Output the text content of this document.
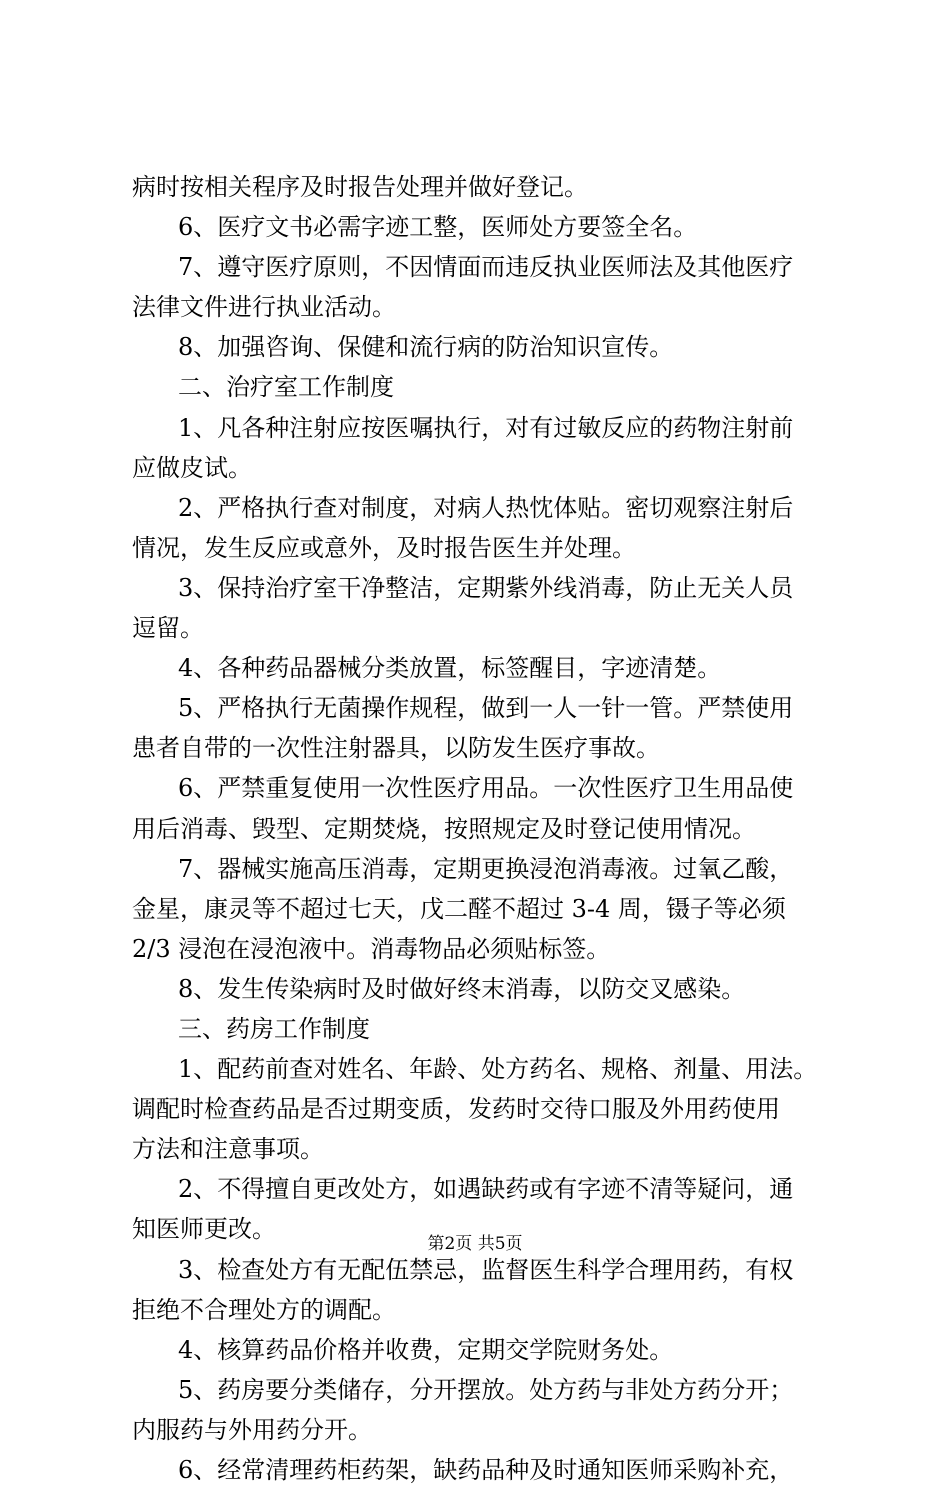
病时按相关程序及时报告处理并做好登记。
6、医疗文书必需字迹工整，医师处方要签全名。
7、遵守医疗原则，不因情面而违反执业医师法及其他医疗
法律文件进行执业活动。
8、加强咨询、保健和流行病的防治知识宣传。
二、治疗室工作制度
1、凡各种注射应按医嘱执行，对有过敏反应的药物注射前
应做皮试。
2、严格执行查对制度，对病人热忱体贴。密切观察注射后
情况，发生反应或意外，及时报告医生并处理。
3、保持治疗室干净整洁，定期紫外线消毒，防止无关人员
逗留。
4、各种药品器械分类放置，标签醒目，字迹清楚。
5、严格执行无菌操作规程，做到一人一针一管。严禁使用
患者自带的一次性注射器具，以防发生医疗事故。
6、严禁重复使用一次性医疗用品。一次性医疗卫生用品使
用后消毒、毁型、定期焚烧，按照规定及时登记使用情况。
7、器械实施高压消毒，定期更换浸泡消毒液。过氧乙酸，
金星，康灵等不超过七天，戊二醛不超过 3-4 周，镊子等必须
2/3 浸泡在浸泡液中。消毒物品必须贴标签。
8、发生传染病时及时做好终末消毒，以防交叉感染。
三、药房工作制度
1、配药前查对姓名、年龄、处方药名、规格、剂量、用法。
调配时检查药品是否过期变质，发药时交待口服及外用药使用
方法和注意事项。
2、不得擅自更改处方，如遇缺药或有字迹不清等疑问，通
知医师更改。
3、检查处方有无配伍禁忌，监督医生科学合理用药，有权
拒绝不合理处方的调配。
4、核算药品价格并收费，定期交学院财务处。
5、药房要分类储存，分开摆放。处方药与非处方药分开；
内服药与外用药分开。
6、经常清理药柜药架，缺药品种及时通知医师采购补充，
第2页 共5页
